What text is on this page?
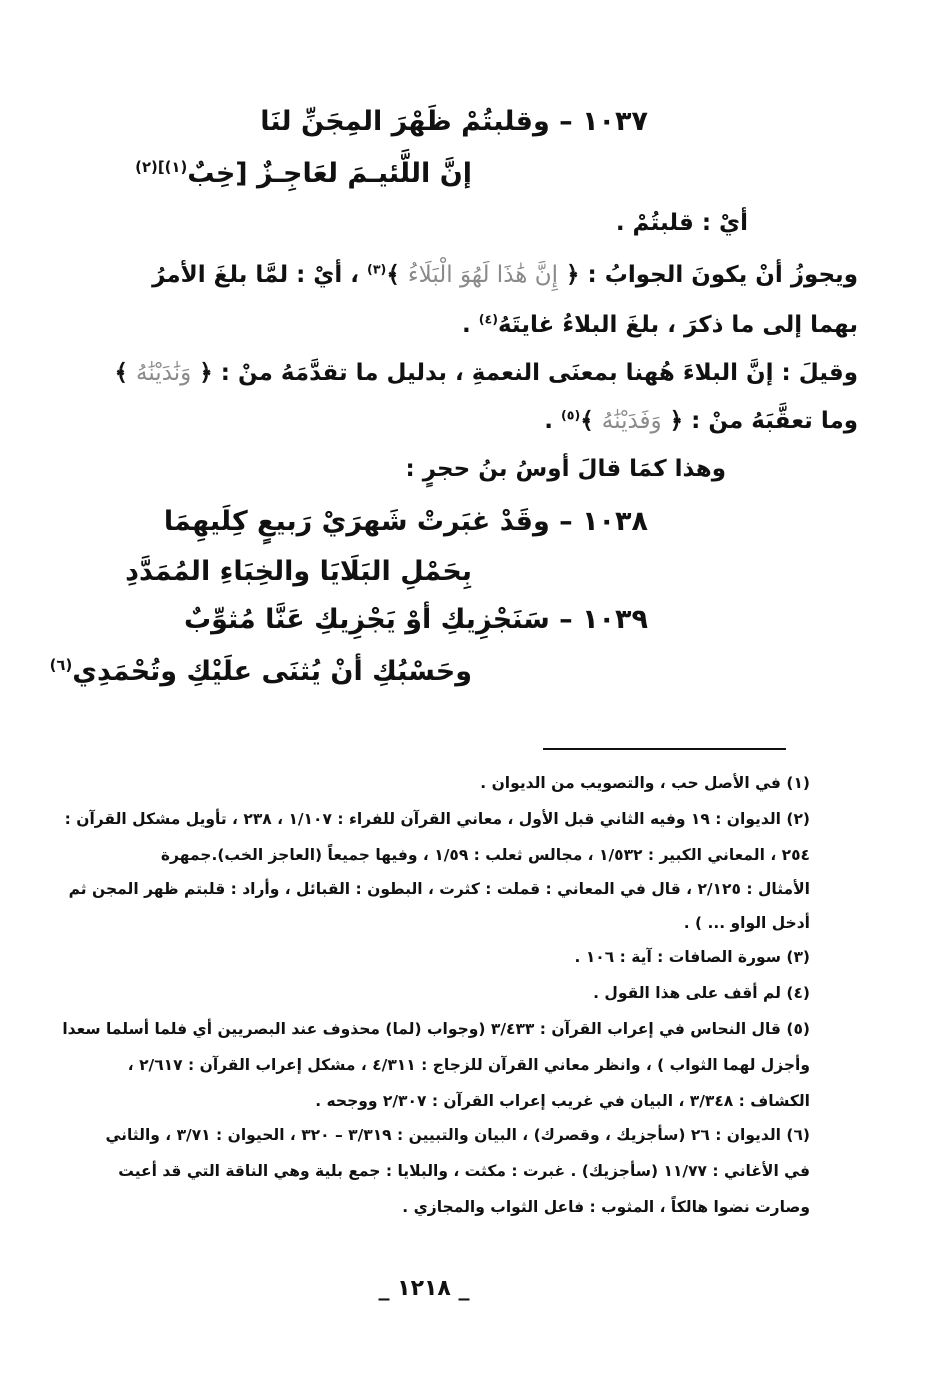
١٠٣٧ – وقلبتُمْ ظَهْرَ المِجَنِّ لنَا
إنَّ اللَّئيـمَ لعَاجِـزٌ [خِبٌ$^{(١)](٢)}$
أيْ : قلبتُمْ .
ويجوزُ أنْ يكونَ الجوابُ : ﴿ إِنَّ هَٰذَا لَهُوَ الْبَلَاءُ ﴾$^{(٣)}$ ، أيْ : لمَّا بلغَ الأمرُ
بهما إلى ما ذكرَ ، بلغَ البلاءُ غايتَهُ$^{(٤)}$ .
وقيلَ : إنَّ البلاءَ هُهنا بمعنَى النعمةِ ، بدليل ما تقدَّمَهُ منْ : ﴿ وَنَٰدَيْنَٰهُ ﴾
وما تعقَّبَهُ منْ : ﴿ وَفَدَيْنَٰهُ ﴾$^{(٥)}$ .
وهذا كمَا قالَ أوسُ بنُ حجرٍ :
١٠٣٨ – وقَدْ غبَرتْ شَهرَيْ رَبيعٍ كِلَيهِمَا
بِحَمْلِ البَلَايَا والخِبَاءِ المُمَدَّدِ
١٠٣٩ – سَنَجْزِيكِ أوْ يَجْزِيكِ عَنَّا مُثوِّبٌ
وحَسْبُكِ أنْ يُثنَى علَيْكِ وتُحْمَدِي$^{(٦)}$
(١) في الأصل حب ، والتصويب من الديوان .
(٢) الديوان : ١٩ وفيه الثاني قبل الأول ، معاني القرآن للفراء : ١/١٠٧ ، ٢٣٨ ، تأويل مشكل القرآن :
٢٥٤ ، المعاني الكبير : ١/٥٣٢ ، مجالس ثعلب : ١/٥٩ ، وفيها جميعاً (العاجز الخب).جمهرة
الأمثال : ٢/١٢٥ ، قال في المعاني : قملت : كثرت ، البطون : القبائل ، وأراد : قلبتم ظهر المجن ثم
أدخل الواو ... ) .
(٣) سورة الصافات : آية : ١٠٦ .
(٤) لم أقف على هذا القول .
(٥) قال النحاس في إعراب القرآن : ٣/٤٣٣ (وجواب (لما) محذوف عند البصريين أي فلما أسلما سعدا
وأجزل لهما الثواب ) ، وانظر معاني القرآن للزجاج : ٤/٣١١ ، مشكل إعراب القرآن : ٢/٦١٧ ،
الكشاف : ٣/٣٤٨ ، البيان في غريب إعراب القرآن : ٢/٣٠٧ ووجحه .
(٦) الديوان : ٢٦ (سأجزيك ، وقصرك) ، البيان والتبيين : ٣/٣١٩ – ٣٢٠ ، الحيوان : ٣/٧١ ، والثاني
في الأغاني : ١١/٧٧ (سأجزيك) . غبرت : مكثت ، والبلايا : جمع بلية وهي الناقة التي قد أعيت
وصارت نضوا هالكاً ، المثوب : فاعل الثواب والمجازي .
_ ١٢١٨ _
